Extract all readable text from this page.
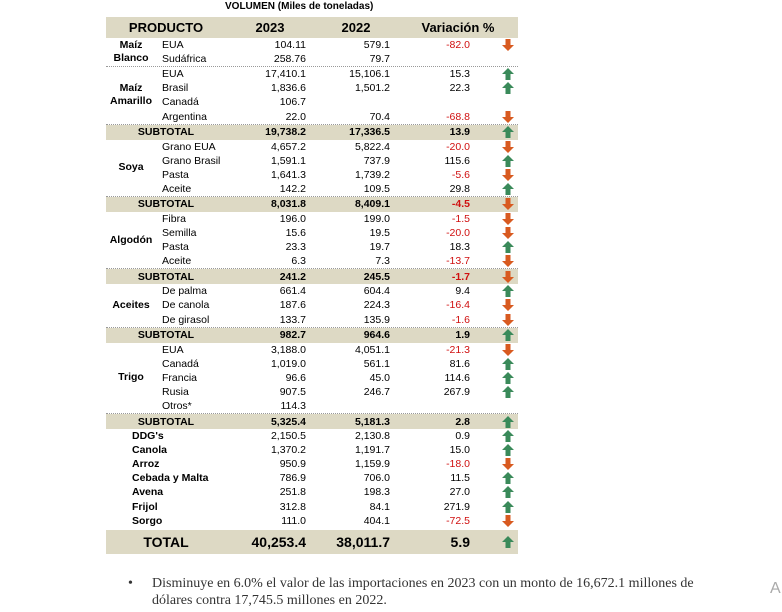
VOLUMEN (Miles de toneladas)
PRODUCTO	2023	2022	Variación %
Maíz
Blanco
EUA	104.11	579.1	-82.0
Sudáfrica	258.76	79.7
Maíz
Amarillo
EUA	17,410.1	15,106.1	15.3
Brasil	1,836.6	1,501.2	22.3
Canadá	106.7
Argentina	22.0	70.4	-68.8
SUBTOTAL	19,738.2	17,336.5	13.9
Soya
Grano EUA	4,657.2	5,822.4	-20.0
Grano Brasil	1,591.1	737.9	115.6
Pasta	1,641.3	1,739.2	-5.6
Aceite	142.2	109.5	29.8
SUBTOTAL	8,031.8	8,409.1	-4.5
Algodón
Fibra	196.0	199.0	-1.5
Semilla	15.6	19.5	-20.0
Pasta	23.3	19.7	18.3
Aceite	6.3	7.3	-13.7
SUBTOTAL	241.2	245.5	-1.7
Aceites
De palma	661.4	604.4	9.4
De canola	187.6	224.3	-16.4
De girasol	133.7	135.9	-1.6
SUBTOTAL	982.7	964.6	1.9
Trigo
EUA	3,188.0	4,051.1	-21.3
Canadá	1,019.0	561.1	81.6
Francia	96.6	45.0	114.6
Rusia	907.5	246.7	267.9
Otros*	114.3
SUBTOTAL	5,325.4	5,181.3	2.8
DDG's	2,150.5	2,130.8	0.9
Canola	1,370.2	1,191.7	15.0
Arroz	950.9	1,159.9	-18.0
Cebada y Malta	786.9	706.0	11.5
Avena	251.8	198.3	27.0
Frijol	312.8	84.1	271.9
Sorgo	111.0	404.1	-72.5
TOTAL	40,253.4	38,011.7	5.9
•	Disminuye en 6.0% el valor de las importaciones en 2023 con un monto de 16,672.1 millones de dólares contra 17,745.5 millones en 2022.
A
